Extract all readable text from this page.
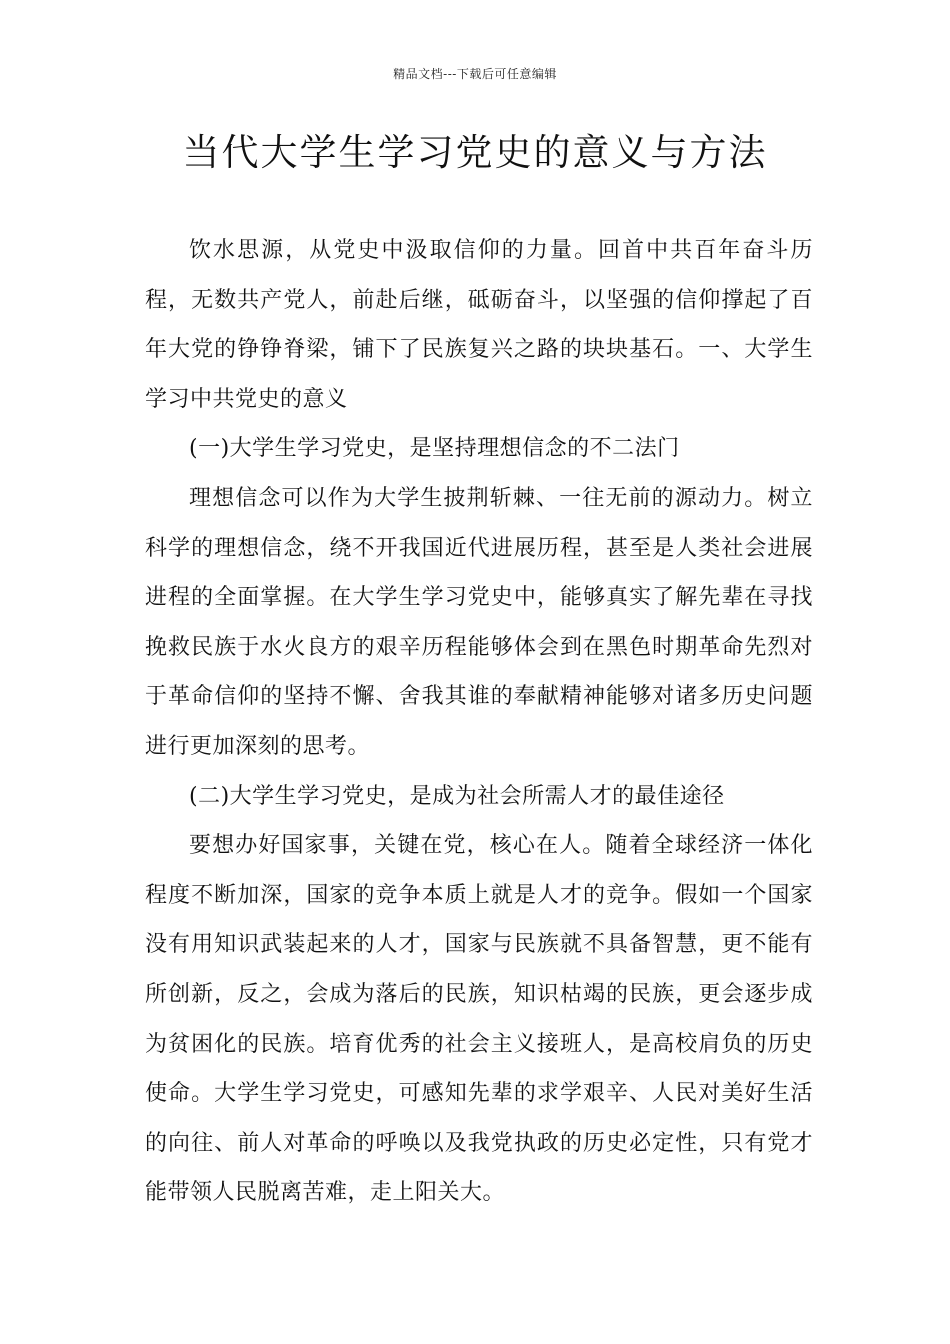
精品文档---下载后可任意编辑
当代大学生学习党史的意义与方法

饮水思源，从党史中汲取信仰的力量。回首中共百年奋斗历程，无数共产党人，前赴后继，砥砺奋斗，以坚强的信仰撑起了百年大党的铮铮脊梁，铺下了民族复兴之路的块块基石。一、大学生学习中共党史的意义

(一)大学生学习党史，是坚持理想信念的不二法门

理想信念可以作为大学生披荆斩棘、一往无前的源动力。树立科学的理想信念，绕不开我国近代进展历程，甚至是人类社会进展进程的全面掌握。在大学生学习党史中，能够真实了解先辈在寻找挽救民族于水火良方的艰辛历程能够体会到在黑色时期革命先烈对于革命信仰的坚持不懈、舍我其谁的奉献精神能够对诸多历史问题进行更加深刻的思考。

(二)大学生学习党史，是成为社会所需人才的最佳途径

要想办好国家事，关键在党，核心在人。随着全球经济一体化程度不断加深，国家的竞争本质上就是人才的竞争。假如一个国家没有用知识武装起来的人才，国家与民族就不具备智慧，更不能有所创新，反之，会成为落后的民族，知识枯竭的民族，更会逐步成为贫困化的民族。培育优秀的社会主义接班人，是高校肩负的历史使命。大学生学习党史，可感知先辈的求学艰辛、人民对美好生活的向往、前人对革命的呼唤以及我党执政的历史必定性，只有党才能带领人民脱离苦难，走上阳关大。
